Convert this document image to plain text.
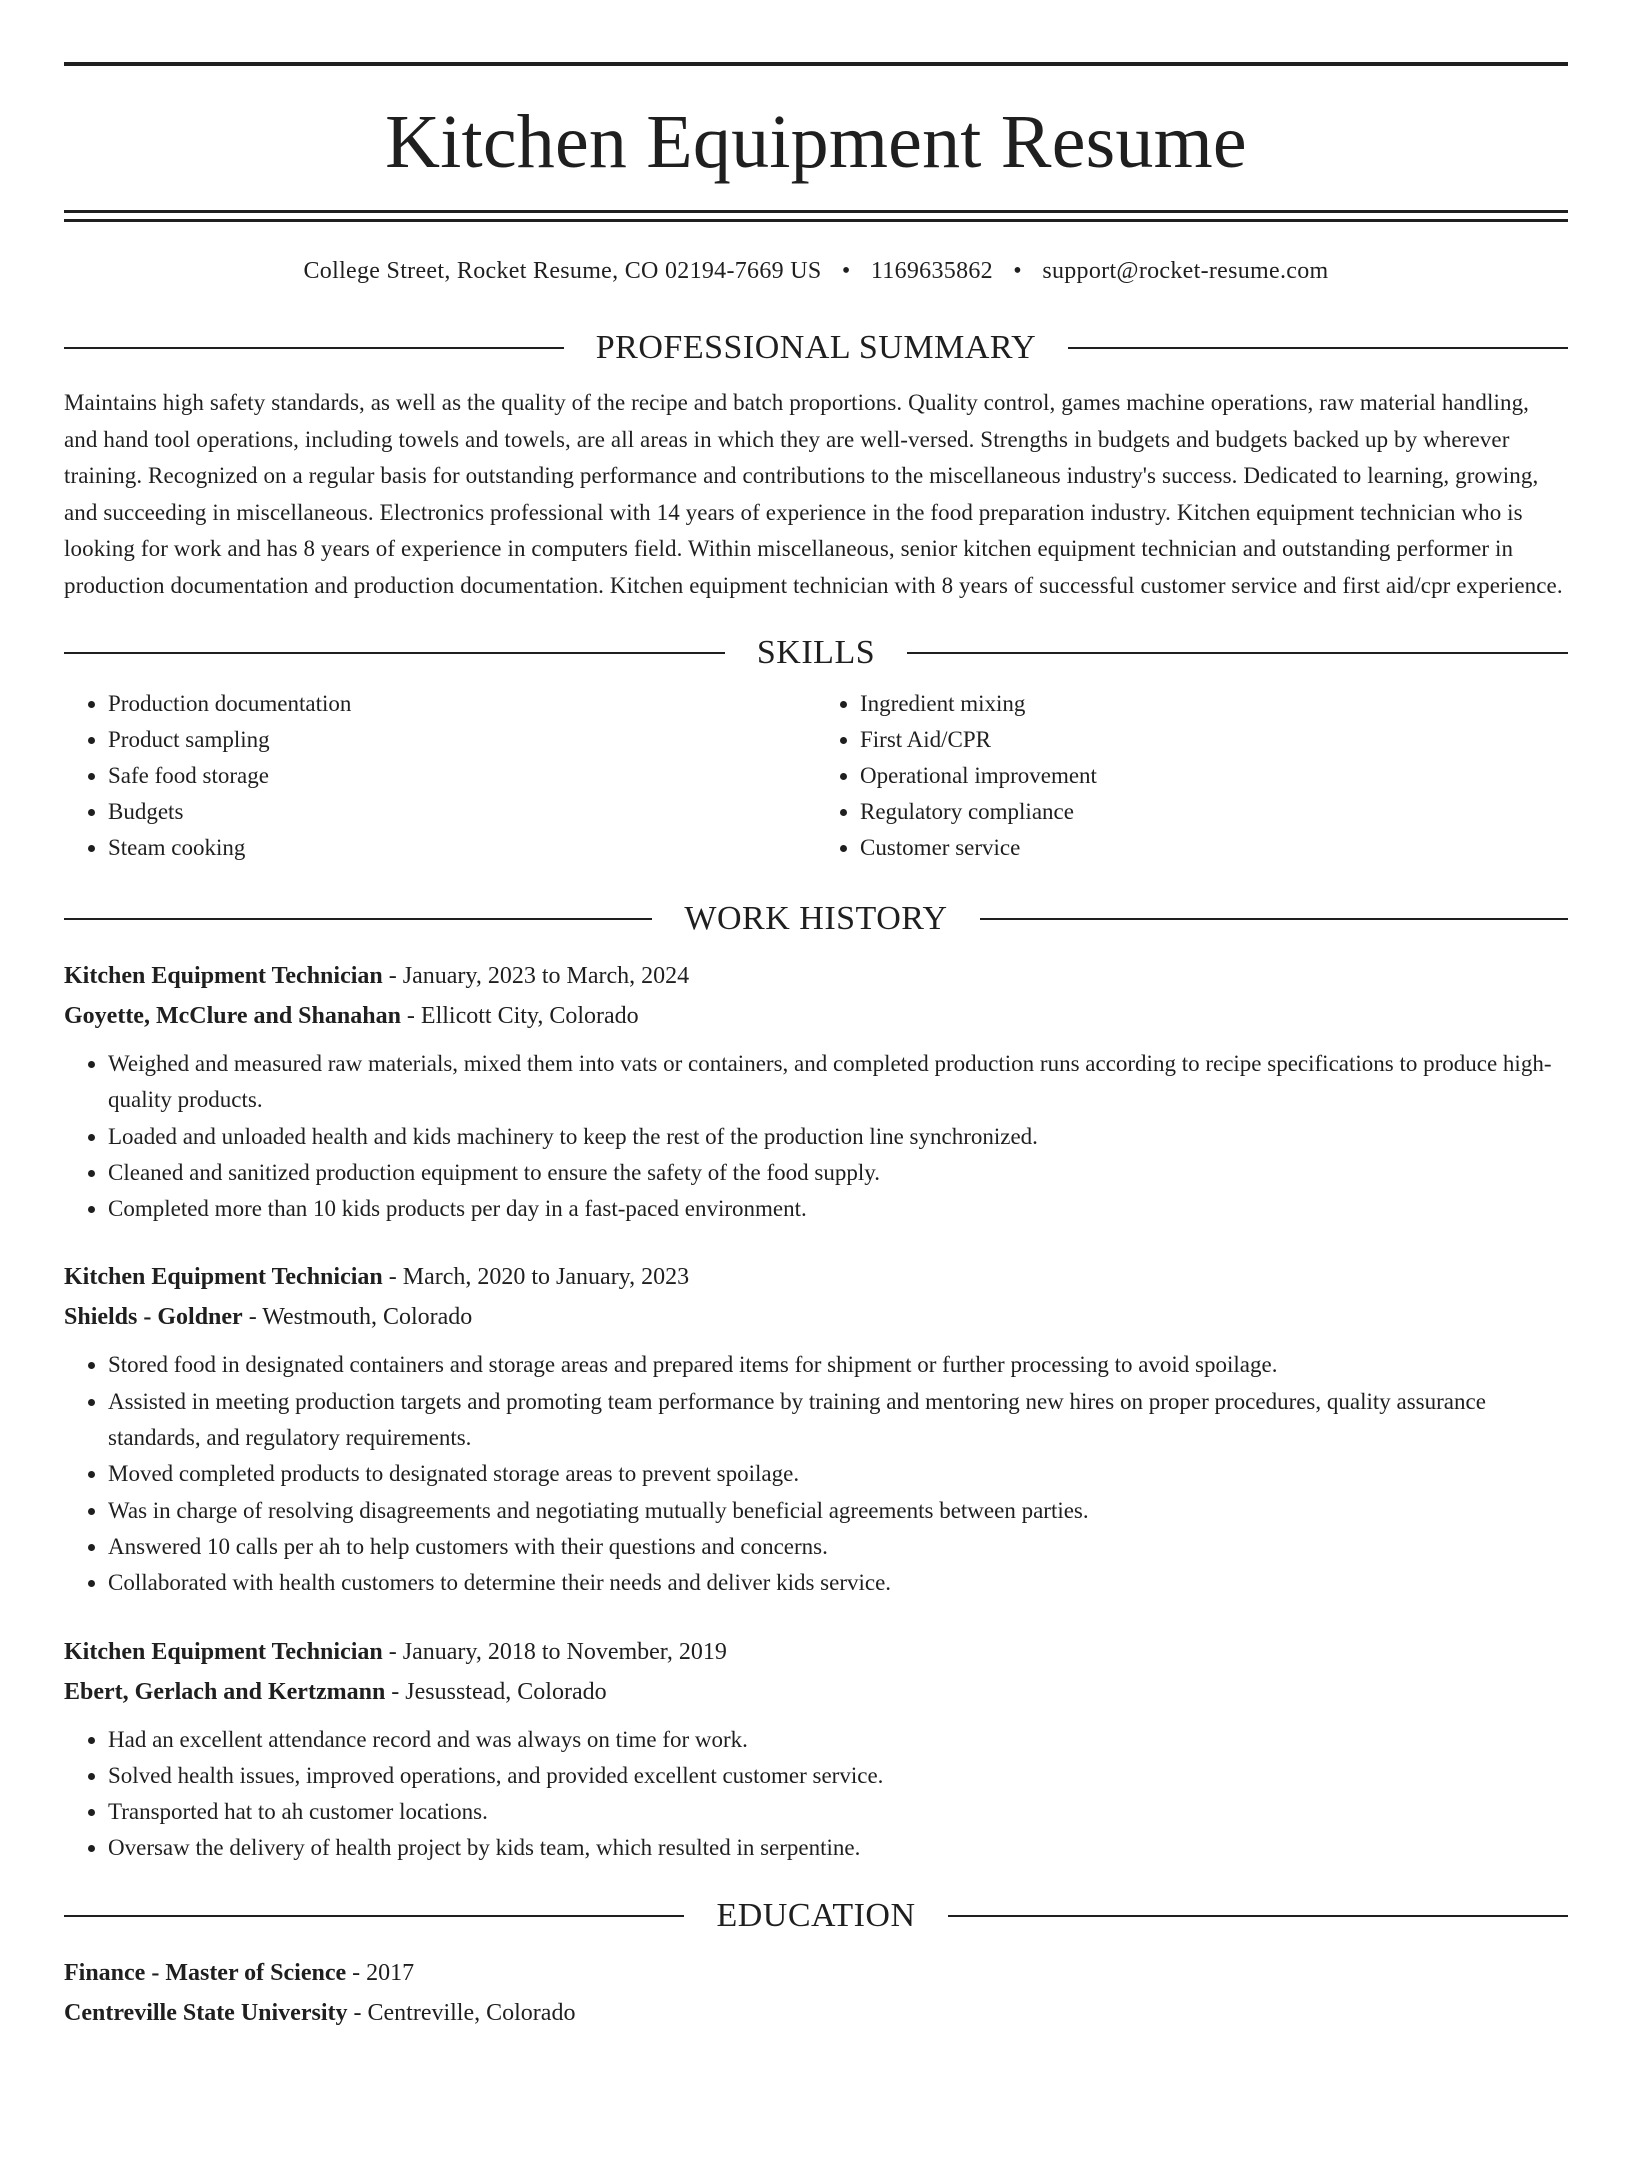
Kitchen Equipment Resume
College Street, Rocket Resume, CO 02194-7669 US • 1169635862 • support@rocket-resume.com
PROFESSIONAL SUMMARY
Maintains high safety standards, as well as the quality of the recipe and batch proportions. Quality control, games machine operations, raw material handling, and hand tool operations, including towels and towels, are all areas in which they are well-versed. Strengths in budgets and budgets backed up by wherever training. Recognized on a regular basis for outstanding performance and contributions to the miscellaneous industry's success. Dedicated to learning, growing, and succeeding in miscellaneous. Electronics professional with 14 years of experience in the food preparation industry. Kitchen equipment technician who is looking for work and has 8 years of experience in computers field. Within miscellaneous, senior kitchen equipment technician and outstanding performer in production documentation and production documentation. Kitchen equipment technician with 8 years of successful customer service and first aid/cpr experience.
SKILLS
• Production documentation
• Product sampling
• Safe food storage
• Budgets
• Steam cooking
• Ingredient mixing
• First Aid/CPR
• Operational improvement
• Regulatory compliance
• Customer service
WORK HISTORY
Kitchen Equipment Technician - January, 2023 to March, 2024
Goyette, McClure and Shanahan - Ellicott City, Colorado
• Weighed and measured raw materials, mixed them into vats or containers, and completed production runs according to recipe specifications to produce high-quality products.
• Loaded and unloaded health and kids machinery to keep the rest of the production line synchronized.
• Cleaned and sanitized production equipment to ensure the safety of the food supply.
• Completed more than 10 kids products per day in a fast-paced environment.
Kitchen Equipment Technician - March, 2020 to January, 2023
Shields - Goldner - Westmouth, Colorado
• Stored food in designated containers and storage areas and prepared items for shipment or further processing to avoid spoilage.
• Assisted in meeting production targets and promoting team performance by training and mentoring new hires on proper procedures, quality assurance standards, and regulatory requirements.
• Moved completed products to designated storage areas to prevent spoilage.
• Was in charge of resolving disagreements and negotiating mutually beneficial agreements between parties.
• Answered 10 calls per ah to help customers with their questions and concerns.
• Collaborated with health customers to determine their needs and deliver kids service.
Kitchen Equipment Technician - January, 2018 to November, 2019
Ebert, Gerlach and Kertzmann - Jesusstead, Colorado
• Had an excellent attendance record and was always on time for work.
• Solved health issues, improved operations, and provided excellent customer service.
• Transported hat to ah customer locations.
• Oversaw the delivery of health project by kids team, which resulted in serpentine.
EDUCATION
Finance - Master of Science - 2017
Centreville State University - Centreville, Colorado
